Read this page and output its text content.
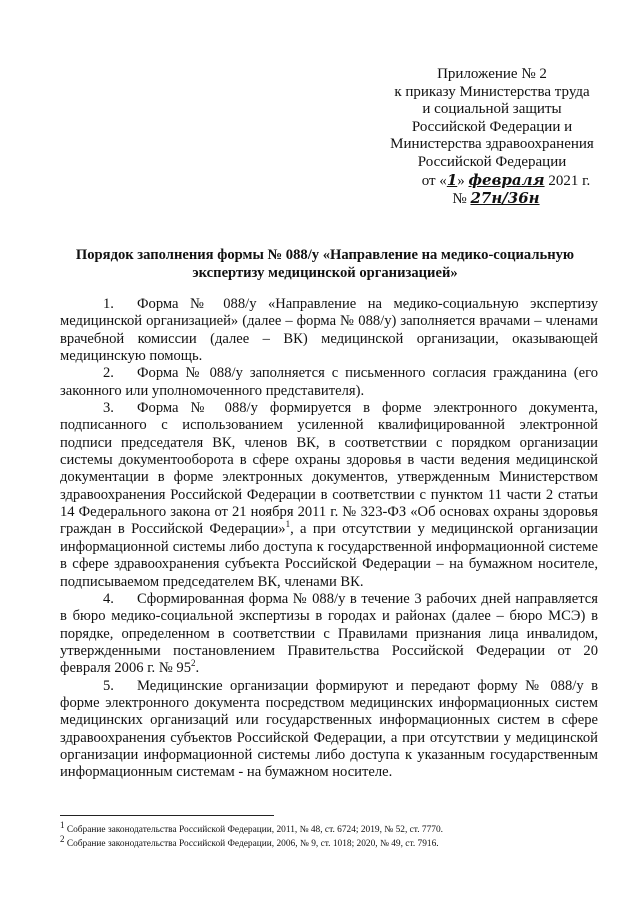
Приложение № 2
к приказу Министерства труда
и социальной защиты
Российской Федерации и
Министерства здравоохранения
Российской Федерации
от «1» февраля 2021 г.
№ 27н/36н
Порядок заполнения формы № 088/у «Направление на медико-социальную
экспертизу медицинской организацией»

1. Форма № 088/у «Направление на медико-социальную экспертизу медицинской организацией» (далее – форма № 088/у) заполняется врачами – членами врачебной комиссии (далее – ВК) медицинской организации, оказывающей медицинскую помощь.

2. Форма № 088/у заполняется с письменного согласия гражданина (его законного или уполномоченного представителя).

3. Форма № 088/у формируется в форме электронного документа, подписанного с использованием усиленной квалифицированной электронной подписи председателя ВК, членов ВК, в соответствии с порядком организации системы документооборота в сфере охраны здоровья в части ведения медицинской документации в форме электронных документов, утвержденным Министерством здравоохранения Российской Федерации в соответствии с пунктом 11 части 2 статьи 14 Федерального закона от 21 ноября 2011 г. № 323-ФЗ «Об основах охраны здоровья граждан в Российской Федерации»$^1$, а при отсутствии у медицинской организации информационной системы либо доступа к государственной информационной системе в сфере здравоохранения субъекта Российской Федерации – на бумажном носителе, подписываемом председателем ВК, членами ВК.

4. Сформированная форма № 088/у в течение 3 рабочих дней направляется в бюро медико-социальной экспертизы в городах и районах (далее – бюро МСЭ) в порядке, определенном в соответствии с Правилами признания лица инвалидом, утвержденными постановлением Правительства Российской Федерации от 20 февраля 2006 г. № $95^2$.

5. Медицинские организации формируют и передают форму № 088/у в форме электронного документа посредством медицинских информационных систем медицинских организаций или государственных информационных систем в сфере здравоохранения субъектов Российской Федерации, а при отсутствии у медицинской организации информационной системы либо доступа к указанным государственным информационным системам - на бумажном носителе.

$^1$ Собрание законодательства Российской Федерации, 2011, № 48, ст. 6724; 2019, № 52, ст. 7770.
$^2$ Собрание законодательства Российской Федерации, 2006, № 9, ст. 1018; 2020, № 49, ст. 7916.
